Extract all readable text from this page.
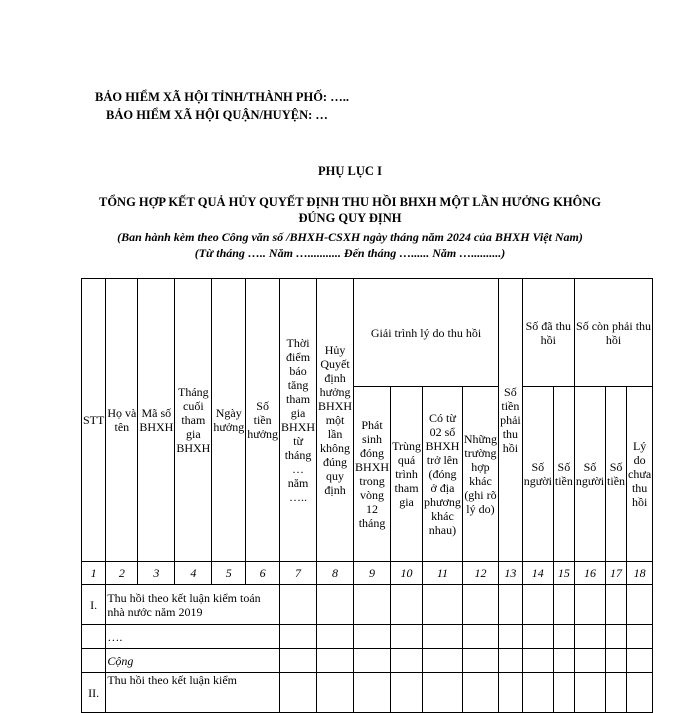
BẢO HIỂM XÃ HỘI TỈNH/THÀNH PHỐ: …..
BẢO HIỂM XÃ HỘI QUẬN/HUYỆN: …
PHỤ LỤC I
TỔNG HỢP KẾT QUẢ HỦY QUYẾT ĐỊNH THU HỒI BHXH MỘT LẦN HƯỞNG KHÔNG
ĐÚNG QUY ĐỊNH
(Ban hành kèm theo Công văn số /BHXH-CSXH ngày tháng năm 2024 của BHXH Việt Nam)
(Từ tháng ….. Năm …........... Đến tháng …...... Năm …..........)
STT	Họ và tên	Mã số BHXH	Tháng cuối tham gia BHXH	Ngày hưởng	Số tiền hưởng	Thời điểm báo tăng tham gia BHXH từ tháng … năm …..	Hủy Quyết định hưởng BHXH một lần không đúng quy định	Giải trình lý do thu hồi				Số tiền phải thu hồi	Số đã thu hồi		Số còn phải thu hồi		
								Phát sinh đóng BHXH trong vòng 12 tháng	Trùng quá trình tham gia	Có từ 02 sổ BHXH trở lên (đóng ở địa phương khác nhau)	Những trường hợp khác (ghi rõ lý do)		Số người	Số tiền	Số người	Số tiền	Lý do chưa thu hồi
1	2	3	4	5	6	7	8	9	10	11	12	13	14	15	16	17	18
I.	Thu hồi theo kết luận kiểm toán nhà nước năm 2019																
	….																
	Cộng																
II.	Thu hồi theo kết luận kiểm																
